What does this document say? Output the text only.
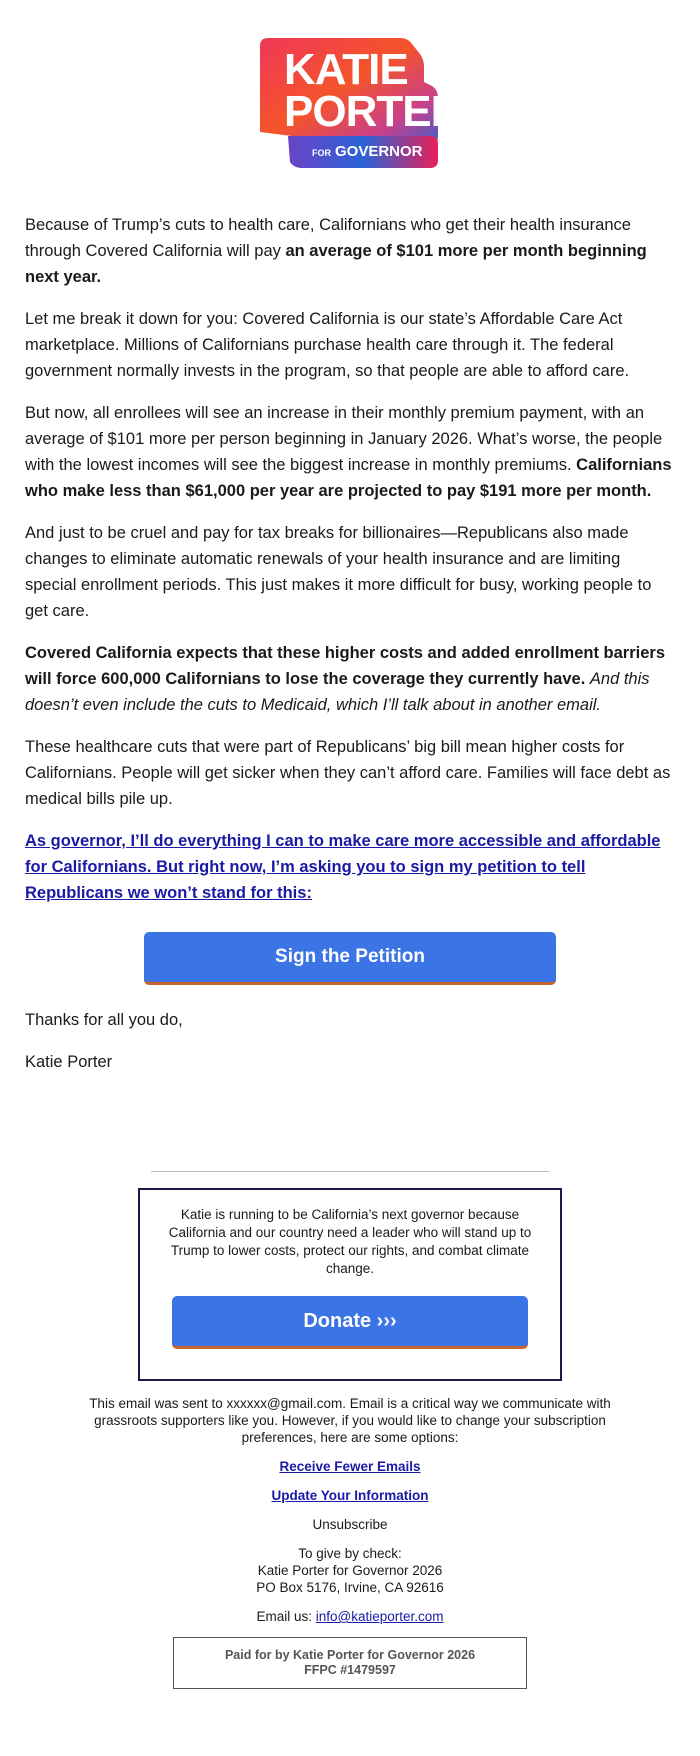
KATIE
PORTER
FOR GOVERNOR

Because of Trump’s cuts to health care, Californians who get their health insurance through Covered California will pay an average of $101 more per month beginning next year.

Let me break it down for you: Covered California is our state’s Affordable Care Act marketplace. Millions of Californians purchase health care through it. The federal government normally invests in the program, so that people are able to afford care.

But now, all enrollees will see an increase in their monthly premium payment, with an average of $101 more per person beginning in January 2026. What’s worse, the people with the lowest incomes will see the biggest increase in monthly premiums. Californians who make less than $61,000 per year are projected to pay $191 more per month.

And just to be cruel and pay for tax breaks for billionaires—Republicans also made changes to eliminate automatic renewals of your health insurance and are limiting special enrollment periods. This just makes it more difficult for busy, working people to get care.

Covered California expects that these higher costs and added enrollment barriers will force 600,000 Californians to lose the coverage they currently have. And this doesn’t even include the cuts to Medicaid, which I’ll talk about in another email.

These healthcare cuts that were part of Republicans’ big bill mean higher costs for Californians. People will get sicker when they can’t afford care. Families will face debt as medical bills pile up.

As governor, I’ll do everything I can to make care more accessible and affordable for Californians. But right now, I’m asking you to sign my petition to tell Republicans we won’t stand for this:

Sign the Petition

Thanks for all you do,

Katie Porter

Katie is running to be California’s next governor because California and our country need a leader who will stand up to Trump to lower costs, protect our rights, and combat climate change.
Donate ›››

This email was sent to xxxxxx@gmail.com. Email is a critical way we communicate with grassroots supporters like you. However, if you would like to change your subscription preferences, here are some options:

Receive Fewer Emails

Update Your Information

Unsubscribe

To give by check:
Katie Porter for Governor 2026
PO Box 5176, Irvine, CA 92616

Email us: info@katieporter.com

Paid for by Katie Porter for Governor 2026
FFPC #1479597
